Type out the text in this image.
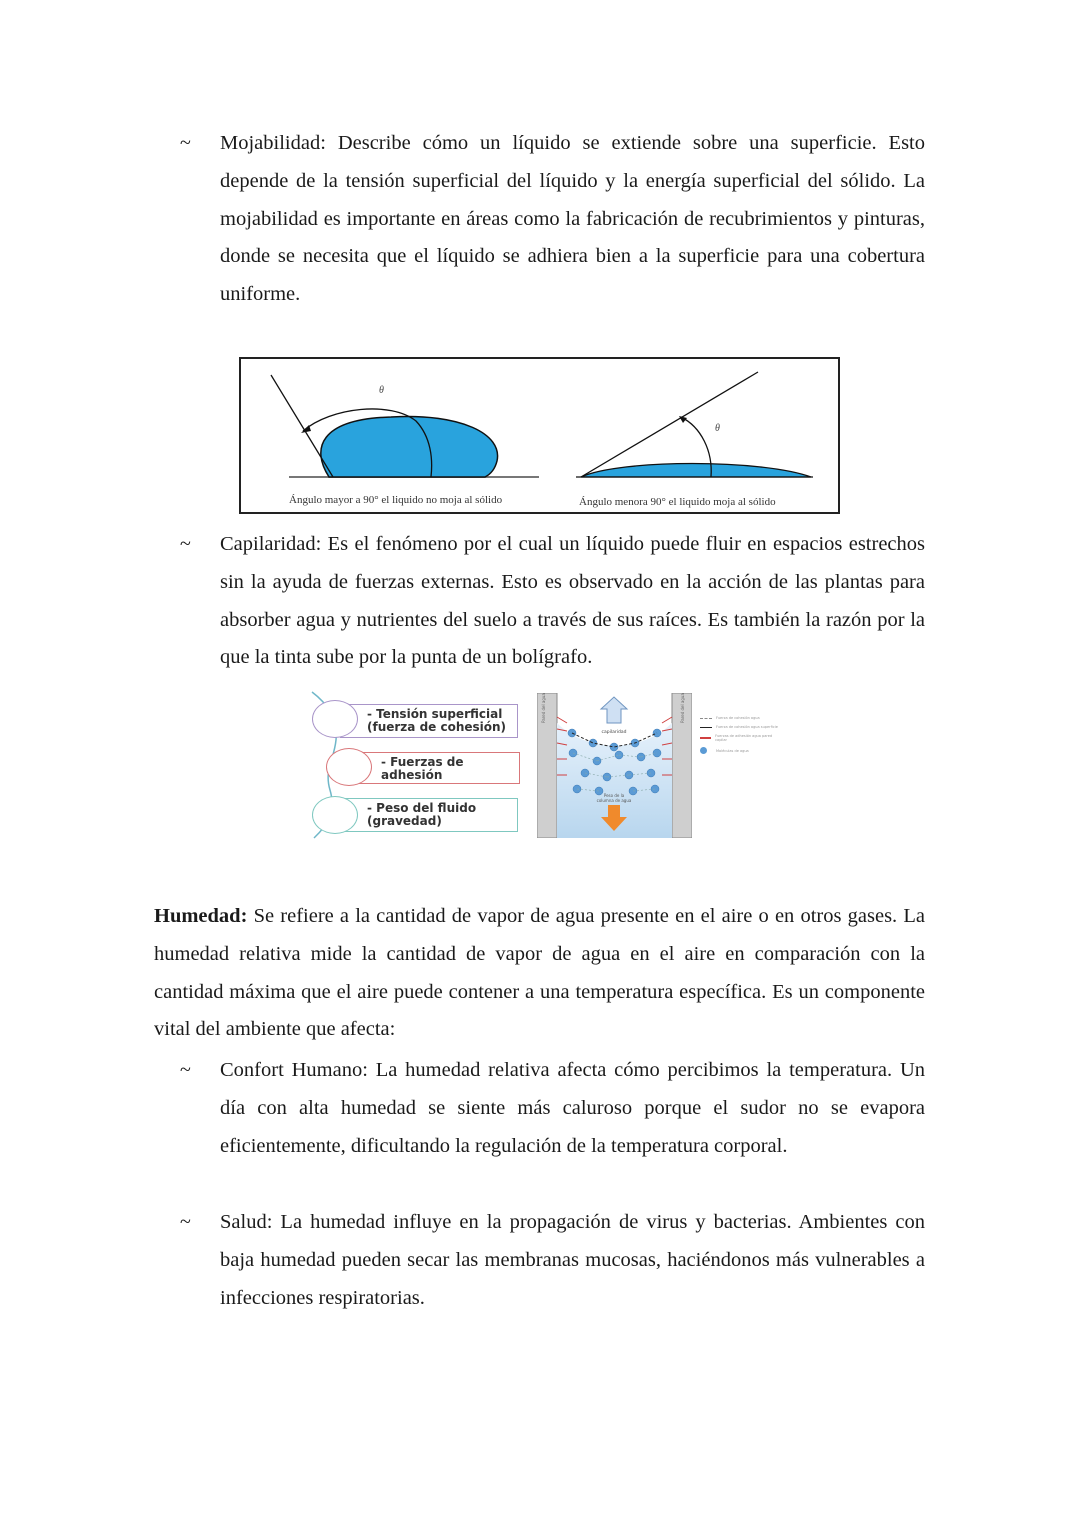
~ Mojabilidad: Describe cómo un líquido se extiende sobre una superficie. Esto depende de la tensión superficial del líquido y la energía superficial del sólido. La mojabilidad es importante en áreas como la fabricación de recubrimientos y pinturas, donde se necesita que el líquido se adhiera bien a la superficie para una cobertura uniforme.
θ
θ
Ángulo mayor a 90° el liquido no moja al sólido	Ángulo menora 90° el liquido moja al sólido
~ Capilaridad: Es el fenómeno por el cual un líquido puede fluir en espacios estrechos sin la ayuda de fuerzas externas. Esto es observado en la acción de las plantas para absorber agua y nutrientes del suelo a través de sus raíces. Es también la razón por la que la tinta sube por la punta de un bolígrafo.
- Tensión superficial
(fuerza de cohesión)
- Fuerzas de
adhesión
- Peso del fluido
(gravedad)
Pared del agua	Pared del agua
capilaridad
Peso de la
columna de agua
Fuerza de cohesión agua
Fuerza de cohesión agua superficie
Fuerzas de adhesión agua pared capilar
Moléculas de agua
Humedad: Se refiere a la cantidad de vapor de agua presente en el aire o en otros gases. La humedad relativa mide la cantidad de vapor de agua en el aire en comparación con la cantidad máxima que el aire puede contener a una temperatura específica. Es un componente vital del ambiente que afecta:
~ Confort Humano: La humedad relativa afecta cómo percibimos la temperatura. Un día con alta humedad se siente más caluroso porque el sudor no se evapora eficientemente, dificultando la regulación de la temperatura corporal.
~ Salud: La humedad influye en la propagación de virus y bacterias. Ambientes con baja humedad pueden secar las membranas mucosas, haciéndonos más vulnerables a infecciones respiratorias.
